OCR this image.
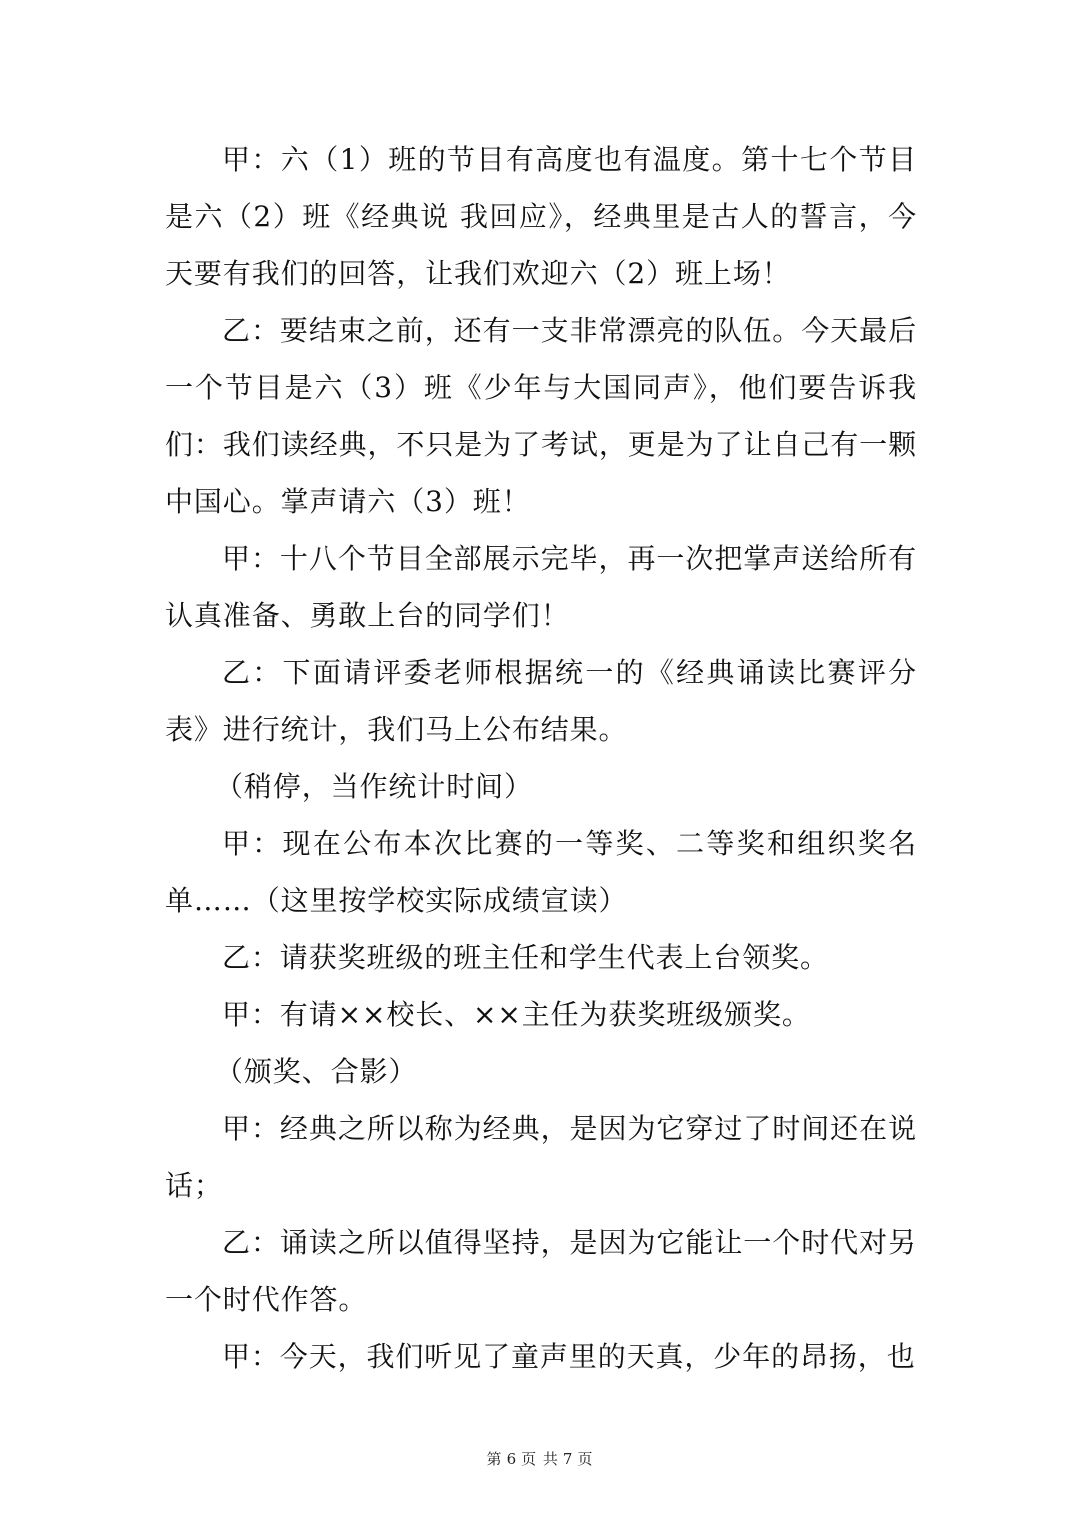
甲：六（1）班的节目有高度也有温度。第十七个节目是六（2）班《经典说 我回应》，经典里是古人的誓言，今天要有我们的回答，让我们欢迎六（2）班上场！

乙：要结束之前，还有一支非常漂亮的队伍。今天最后一个节目是六（3）班《少年与大国同声》，他们要告诉我们：我们读经典，不只是为了考试，更是为了让自己有一颗中国心。掌声请六（3）班！

甲：十八个节目全部展示完毕，再一次把掌声送给所有认真准备、勇敢上台的同学们！

乙：下面请评委老师根据统一的《经典诵读比赛评分表》进行统计，我们马上公布结果。

（稍停，当作统计时间）

甲：现在公布本次比赛的一等奖、二等奖和组织奖名单……（这里按学校实际成绩宣读）

乙：请获奖班级的班主任和学生代表上台领奖。

甲：有请××校长、××主任为获奖班级颁奖。

（颁奖、合影）

甲：经典之所以称为经典，是因为它穿过了时间还在说话；

乙：诵读之所以值得坚持，是因为它能让一个时代对另一个时代作答。

甲：今天，我们听见了童声里的天真，少年的昂扬，也

第 6 页 共 7 页
